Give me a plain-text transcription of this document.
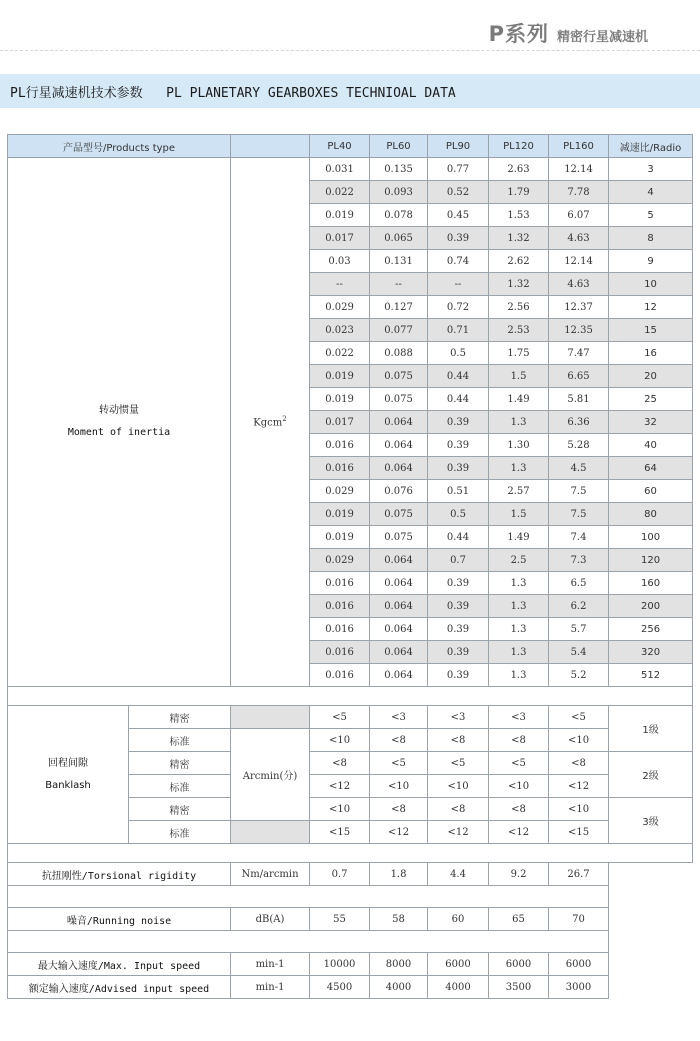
P系列 精密行星减速机
PL行星减速机技术参数   PL PLANETARY GEARBOXES TECHNIOAL DATA
产品型号/Products type			PL40	PL60	PL90	PL120	PL160	减速比/Radio

转动惯量
Moment of inertia		Kgcm$^2$	0.031	0.135	0.77	2.63	12.14	3
			0.022	0.093	0.52	1.79	7.78	4
			0.019	0.078	0.45	1.53	6.07	5
			0.017	0.065	0.39	1.32	4.63	8
			0.03	0.131	0.74	2.62	12.14	9
			--	--	--	1.32	4.63	10
			0.029	0.127	0.72	2.56	12.37	12
			0.023	0.077	0.71	2.53	12.35	15
			0.022	0.088	0.5	1.75	7.47	16
			0.019	0.075	0.44	1.5	6.65	20
			0.019	0.075	0.44	1.49	5.81	25
			0.017	0.064	0.39	1.3	6.36	32
			0.016	0.064	0.39	1.30	5.28	40
			0.016	0.064	0.39	1.3	4.5	64
			0.029	0.076	0.51	2.57	7.5	60
			0.019	0.075	0.5	1.5	7.5	80
			0.019	0.075	0.44	1.49	7.4	100
			0.029	0.064	0.7	2.5	7.3	120
			0.016	0.064	0.39	1.3	6.5	160
			0.016	0.064	0.39	1.3	6.2	200
			0.016	0.064	0.39	1.3	5.7	256
			0.016	0.064	0.39	1.3	5.4	320
			0.016	0.064	0.39	1.3	5.2	512

回程间隙
Banklash	精密		<5	<3	<3	<3	<5	1级
	标准	Arcmin(分)	<10	<8	<8	<8	<10	
	精密		<8	<5	<5	<5	<8	2级
	标准		<12	<10	<10	<10	<12	
	精密		<10	<8	<8	<8	<10	3级
	标准		<15	<12	<12	<12	<15	

抗扭刚性/Torsional rigidity		Nm/arcmin	0.7	1.8	4.4	9.2	26.7	

噪音/Running noise		dB(A)	55	58	60	65	70	

最大输入速度/Max. Input speed		min-1	10000	8000	6000	6000	6000	
额定输入速度/Advised input speed		min-1	4500	4000	4000	3500	3000	
